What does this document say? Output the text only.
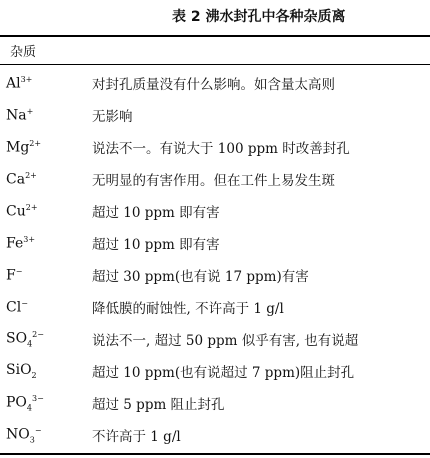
表 2 沸水封孔中各种杂质离
杂质
$Al^{3+}$	对封孔质量没有什么影响。如含量太高则
Na+	无影响
$Mg^{2+}$	说法不一。有说大于 100 ppm 时改善封孔
$Ca^{2+}$	无明显的有害作用。但在工件上易发生斑
$Cu^{2+}$	超过 10 ppm 即有害
$Fe^{3+}$	超过 10 ppm 即有害
F−	超过 30 ppm(也有说 17 ppm)有害
Cl−	降低膜的耐蚀性, 不许高于 1 g/l
$SO_4^{2-}$	说法不一, 超过 50 ppm 似乎有害, 也有说超
SiO$_2$	超过 10 ppm(也有说超过 7 ppm)阻止封孔
$PO_4^{3-}$	超过 5 ppm 阻止封孔
$NO_3^-$	不许高于 1 g/l
